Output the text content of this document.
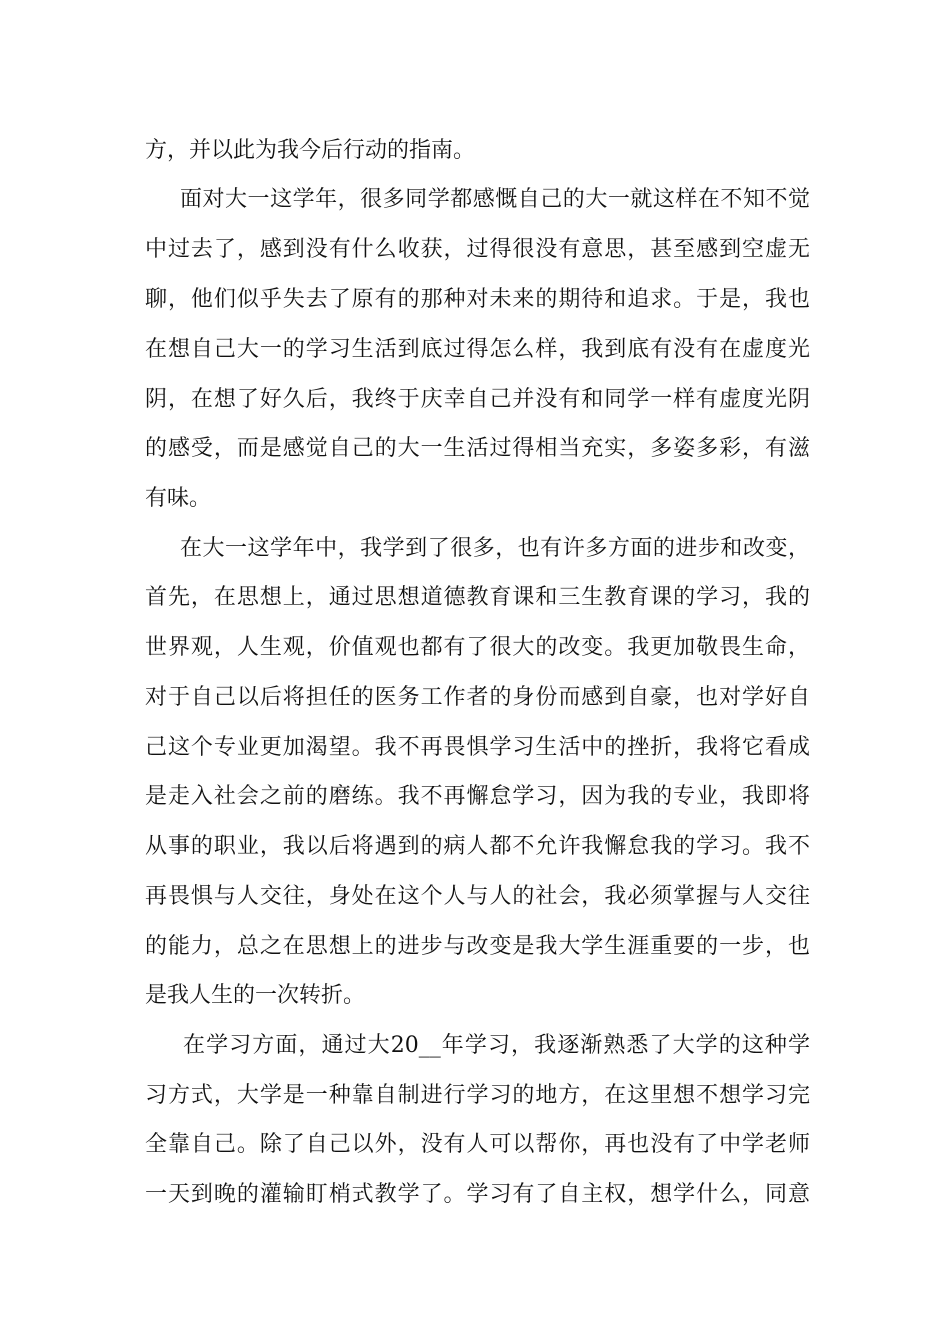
方，并以此为我今后行动的指南。
面对大一这学年，很多同学都感慨自己的大一就这样在不知不觉
中过去了，感到没有什么收获，过得很没有意思，甚至感到空虚无
聊，他们似乎失去了原有的那种对未来的期待和追求。于是，我也
在想自己大一的学习生活到底过得怎么样，我到底有没有在虚度光
阴，在想了好久后，我终于庆幸自己并没有和同学一样有虚度光阴
的感受，而是感觉自己的大一生活过得相当充实，多姿多彩，有滋
有味。
在大一这学年中，我学到了很多，也有许多方面的进步和改变，
首先，在思想上，通过思想道德教育课和三生教育课的学习，我的
世界观，人生观，价值观也都有了很大的改变。我更加敬畏生命，
对于自己以后将担任的医务工作者的身份而感到自豪，也对学好自
己这个专业更加渴望。我不再畏惧学习生活中的挫折，我将它看成
是走入社会之前的磨练。我不再懈怠学习，因为我的专业，我即将
从事的职业，我以后将遇到的病人都不允许我懈怠我的学习。我不
再畏惧与人交往，身处在这个人与人的社会，我必须掌握与人交往
的能力，总之在思想上的进步与改变是我大学生涯重要的一步，也
是我人生的一次转折。
在学习方面，通过大20__年学习，我逐渐熟悉了大学的这种学
习方式，大学是一种靠自制进行学习的地方，在这里想不想学习完
全靠自己。除了自己以外，没有人可以帮你，再也没有了中学老师
一天到晚的灌输盯梢式教学了。学习有了自主权，想学什么，同意
